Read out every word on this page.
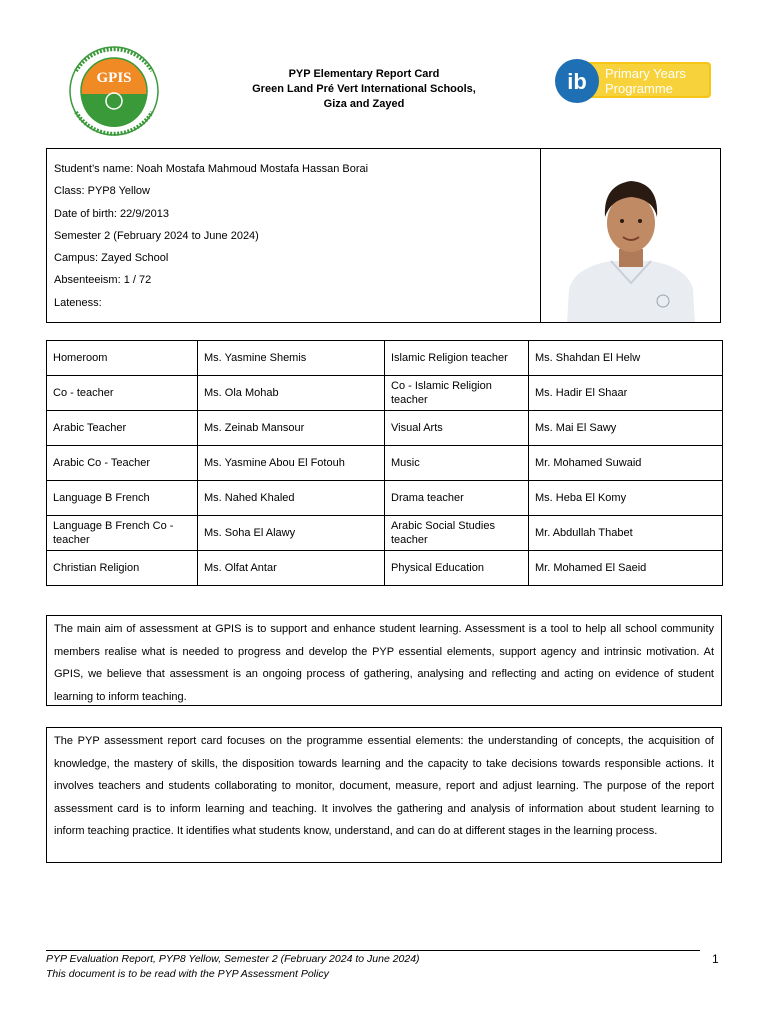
GPIS	PYP Elementary Report Card
Green Land Pré Vert International Schools,
Giza and Zayed
ib Primary Years
Programme
Student’s name: Noah Mostafa Mahmoud Mostafa Hassan Borai
Class: PYP8 Yellow
Date of birth: 22/9/2013
Semester 2 (February 2024 to June 2024)
Campus: Zayed School
Absenteeism: 1 / 72
Lateness:
Homeroom	Ms. Yasmine Shemis	Islamic Religion teacher	Ms. Shahdan El Helw
Co - teacher	Ms. Ola Mohab	Co - Islamic Religion teacher	Ms. Hadir El Shaar
Arabic Teacher	Ms. Zeinab Mansour	Visual Arts	Ms. Mai El Sawy
Arabic Co - Teacher	Ms. Yasmine Abou El Fotouh	Music	Mr. Mohamed Suwaid
Language B French	Ms. Nahed Khaled	Drama teacher	Ms. Heba El Komy
Language B French Co - teacher	Ms. Soha El Alawy	Arabic Social Studies teacher	Mr. Abdullah Thabet
Christian Religion	Ms. Olfat Antar	Physical Education	Mr. Mohamed El Saeid
The main aim of assessment at GPIS is to support and enhance student learning. Assessment is a tool to help all school community members realise what is needed to progress and develop the PYP essential elements, support agency and intrinsic motivation. At GPIS, we believe that assessment is an ongoing process of gathering, analysing and reflecting and acting on evidence of student learning to inform teaching.
The PYP assessment report card focuses on the programme essential elements: the understanding of concepts, the acquisition of knowledge, the mastery of skills, the disposition towards learning and the capacity to take decisions towards responsible actions. It involves teachers and students collaborating to monitor, document, measure, report and adjust learning. The purpose of the report assessment card is to inform learning and teaching. It involves the gathering and analysis of information about student learning to inform teaching practice. It identifies what students know, understand, and can do at different stages in the learning process.
PYP Evaluation Report, PYP8 Yellow, Semester 2 (February 2024 to June 2024)
This document is to be read with the PYP Assessment Policy
1
